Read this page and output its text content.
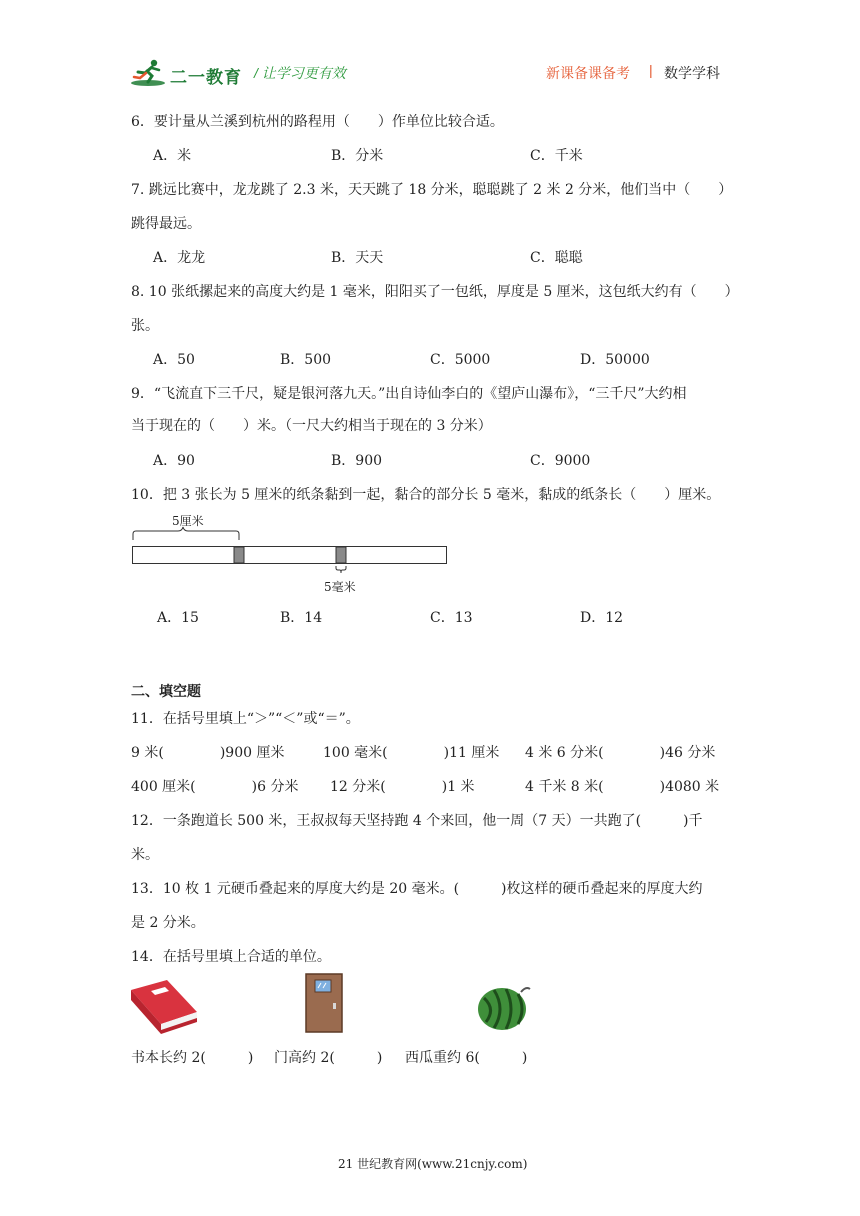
二一教育 / 让学习更有效	新课备课备考 | 数学学科
6．要计量从兰溪到杭州的路程用（　　）作单位比较合适。
A．米	B．分米	C．千米
7. 跳远比赛中，龙龙跳了 2.3 米，天天跳了 18 分米，聪聪跳了 2 米 2 分米，他们当中（　　）
跳得最远。
A．龙龙	B．天天	C．聪聪
8. 10 张纸摞起来的高度大约是 1 毫米，阳阳买了一包纸，厚度是 5 厘米，这包纸大约有（　　）
张。
A．50	B．500	C．5000	D．50000
9．“飞流直下三千尺，疑是银河落九天。”出自诗仙李白的《望庐山瀑布》，“三千尺”大约相
当于现在的（　　）米。（一尺大约相当于现在的 3 分米）
A．90	B．900	C．9000
10．把 3 张长为 5 厘米的纸条黏到一起，黏合的部分长 5 毫米，黏成的纸条长（　　）厘米。
5厘米
5毫米
A．15	B．14	C．13	D．12
二、填空题
11．在括号里填上“＞”“＜”或“＝”。
9 米(　　　　)900 厘米	100 毫米(　　　　)11 厘米 4 米 6 分米(　　　　)46 分米
400 厘米(　　　　)6 分米 12 分米(　　　　)1 米	4 千米 8 米(　　　　)4080 米
12．一条跑道长 500 米，王叔叔每天坚持跑 4 个来回，他一周（7 天）一共跑了(　　　)千
米。
13．10 枚 1 元硬币叠起来的厚度大约是 20 毫米。(　　　)枚这样的硬币叠起来的厚度大约
是 2 分米。
14．在括号里填上合适的单位。
书本长约 2(　　　) 门高约 2(　　　) 西瓜重约 6(　　　)
21 世纪教育网(www.21cnjy.com)
